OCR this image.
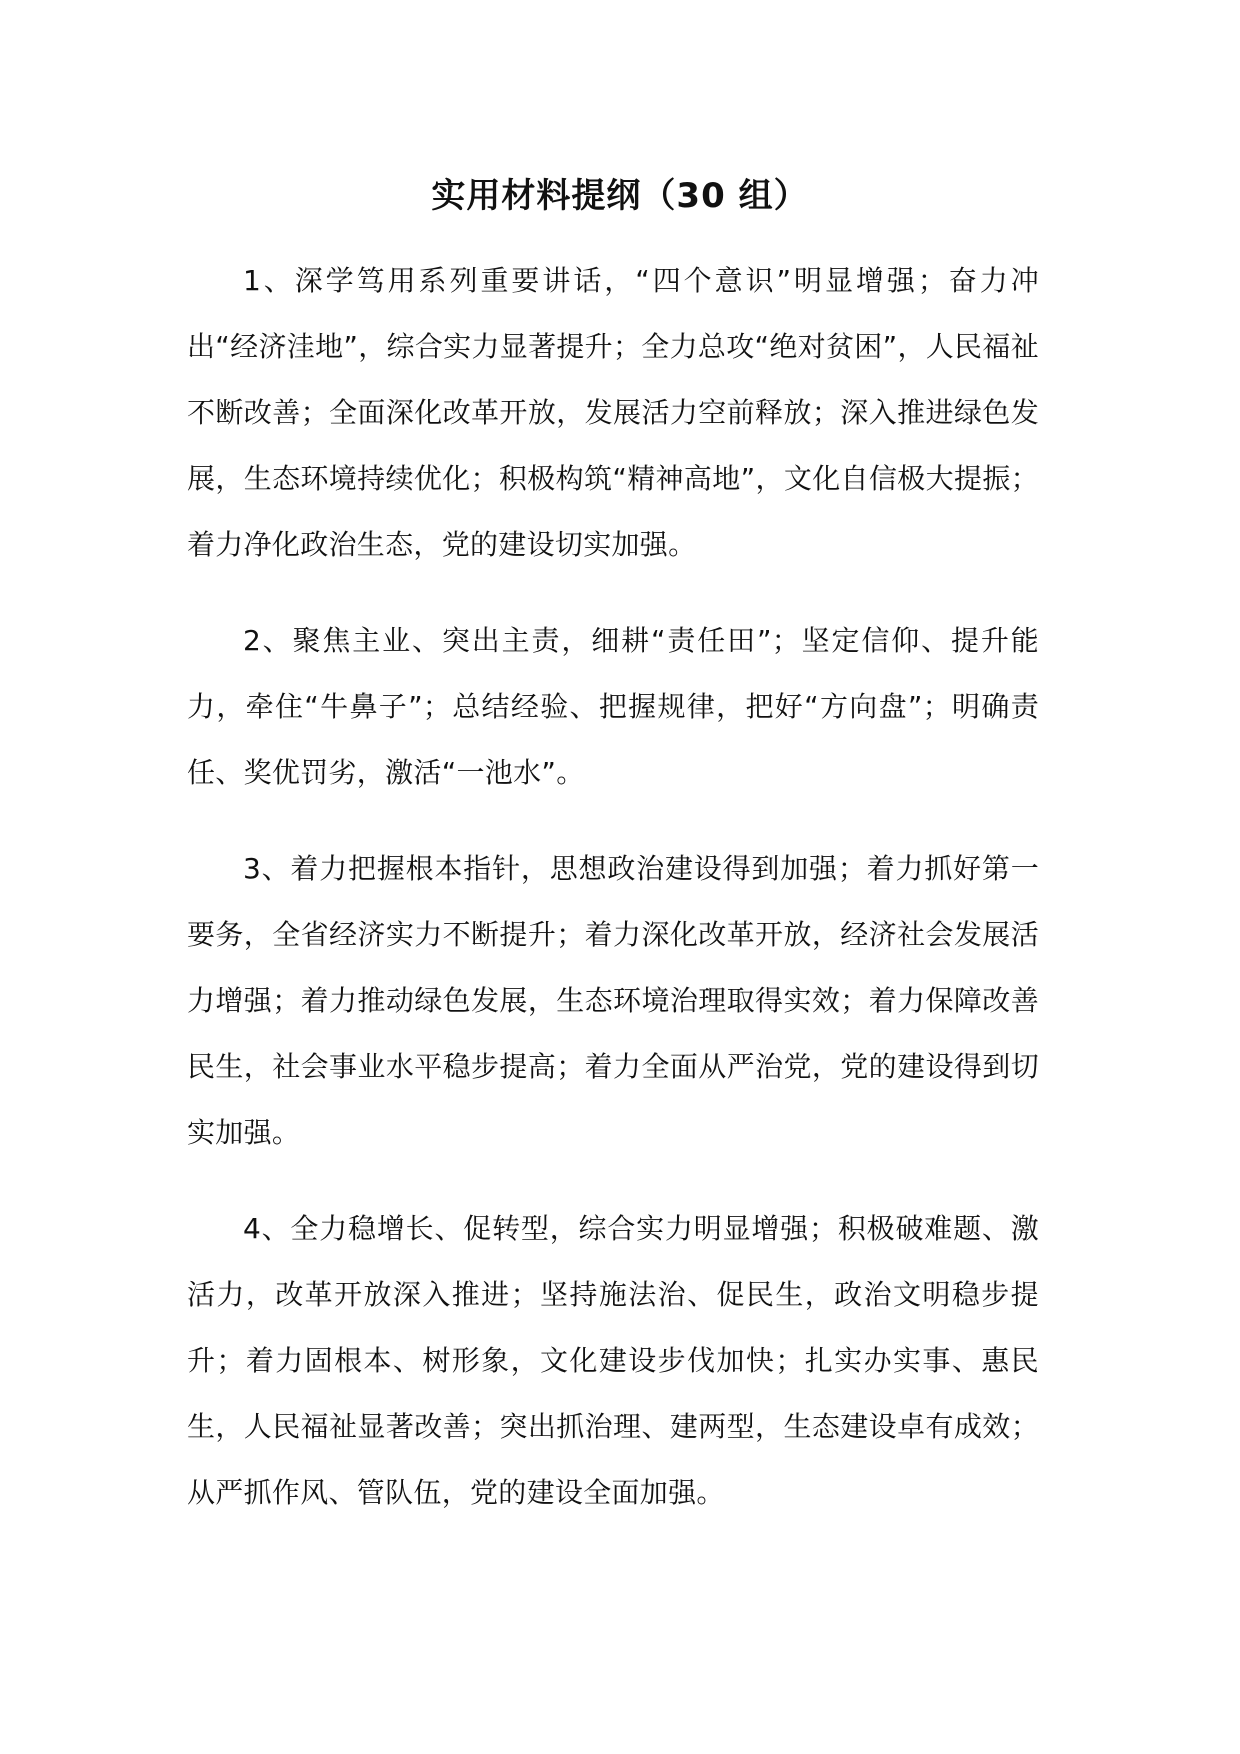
实用材料提纲（30 组）

1、深学笃用系列重要讲话，“四个意识”明显增强；奋力冲出“经济洼地”，综合实力显著提升；全力总攻“绝对贫困”，人民福祉不断改善；全面深化改革开放，发展活力空前释放；深入推进绿色发展，生态环境持续优化；积极构筑“精神高地”，文化自信极大提振；着力净化政治生态，党的建设切实加强。

2、聚焦主业、突出主责，细耕“责任田”；坚定信仰、提升能力，牵住“牛鼻子”；总结经验、把握规律，把好“方向盘”；明确责任、奖优罚劣，激活“一池水”。

3、着力把握根本指针，思想政治建设得到加强；着力抓好第一要务，全省经济实力不断提升；着力深化改革开放，经济社会发展活力增强；着力推动绿色发展，生态环境治理取得实效；着力保障改善民生，社会事业水平稳步提高；着力全面从严治党，党的建设得到切实加强。

4、全力稳增长、促转型，综合实力明显增强；积极破难题、激活力，改革开放深入推进；坚持施法治、促民生，政治文明稳步提升；着力固根本、树形象，文化建设步伐加快；扎实办实事、惠民生，人民福祉显著改善；突出抓治理、建两型，生态建设卓有成效；从严抓作风、管队伍，党的建设全面加强。
